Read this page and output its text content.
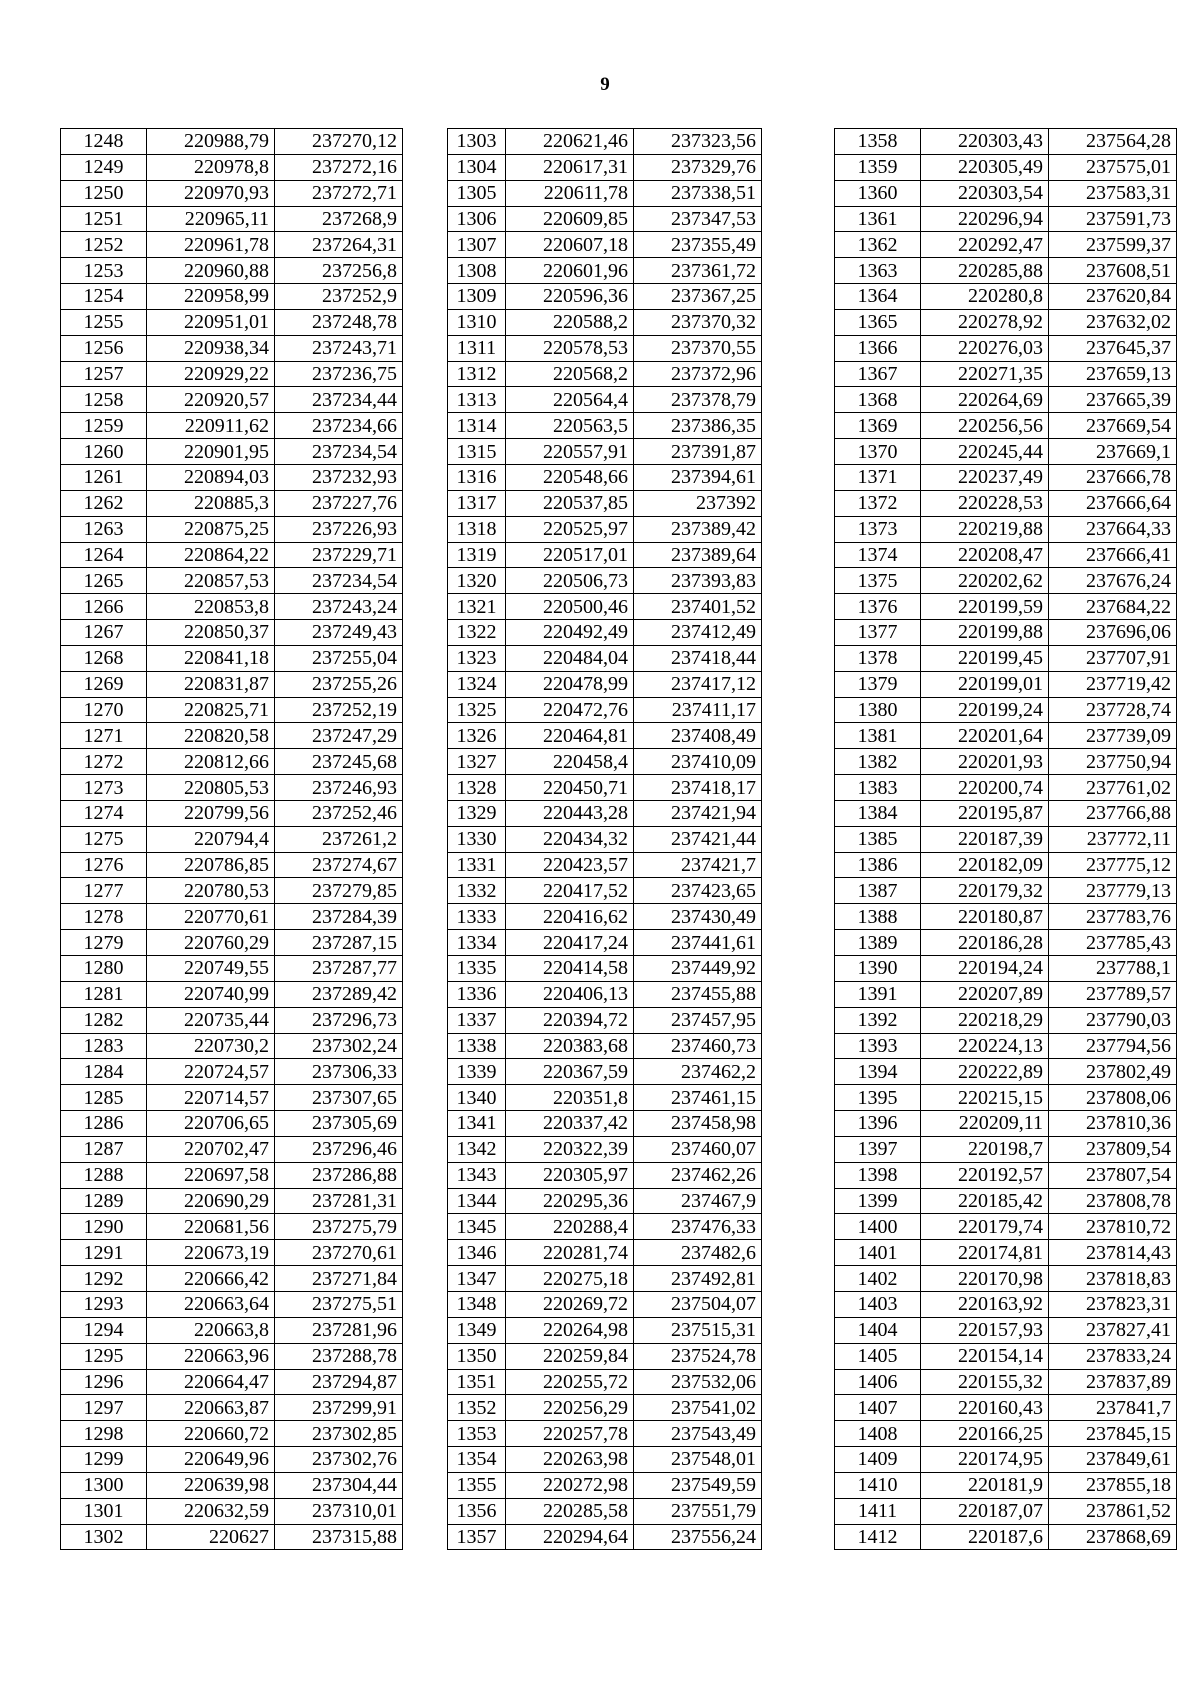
9
1248	220988,79	237270,12
1249	220978,8	237272,16
1250	220970,93	237272,71
1251	220965,11	237268,9
1252	220961,78	237264,31
1253	220960,88	237256,8
1254	220958,99	237252,9
1255	220951,01	237248,78
1256	220938,34	237243,71
1257	220929,22	237236,75
1258	220920,57	237234,44
1259	220911,62	237234,66
1260	220901,95	237234,54
1261	220894,03	237232,93
1262	220885,3	237227,76
1263	220875,25	237226,93
1264	220864,22	237229,71
1265	220857,53	237234,54
1266	220853,8	237243,24
1267	220850,37	237249,43
1268	220841,18	237255,04
1269	220831,87	237255,26
1270	220825,71	237252,19
1271	220820,58	237247,29
1272	220812,66	237245,68
1273	220805,53	237246,93
1274	220799,56	237252,46
1275	220794,4	237261,2
1276	220786,85	237274,67
1277	220780,53	237279,85
1278	220770,61	237284,39
1279	220760,29	237287,15
1280	220749,55	237287,77
1281	220740,99	237289,42
1282	220735,44	237296,73
1283	220730,2	237302,24
1284	220724,57	237306,33
1285	220714,57	237307,65
1286	220706,65	237305,69
1287	220702,47	237296,46
1288	220697,58	237286,88
1289	220690,29	237281,31
1290	220681,56	237275,79
1291	220673,19	237270,61
1292	220666,42	237271,84
1293	220663,64	237275,51
1294	220663,8	237281,96
1295	220663,96	237288,78
1296	220664,47	237294,87
1297	220663,87	237299,91
1298	220660,72	237302,85
1299	220649,96	237302,76
1300	220639,98	237304,44
1301	220632,59	237310,01
1302	220627	237315,88
1303	220621,46	237323,56
1304	220617,31	237329,76
1305	220611,78	237338,51
1306	220609,85	237347,53
1307	220607,18	237355,49
1308	220601,96	237361,72
1309	220596,36	237367,25
1310	220588,2	237370,32
1311	220578,53	237370,55
1312	220568,2	237372,96
1313	220564,4	237378,79
1314	220563,5	237386,35
1315	220557,91	237391,87
1316	220548,66	237394,61
1317	220537,85	237392
1318	220525,97	237389,42
1319	220517,01	237389,64
1320	220506,73	237393,83
1321	220500,46	237401,52
1322	220492,49	237412,49
1323	220484,04	237418,44
1324	220478,99	237417,12
1325	220472,76	237411,17
1326	220464,81	237408,49
1327	220458,4	237410,09
1328	220450,71	237418,17
1329	220443,28	237421,94
1330	220434,32	237421,44
1331	220423,57	237421,7
1332	220417,52	237423,65
1333	220416,62	237430,49
1334	220417,24	237441,61
1335	220414,58	237449,92
1336	220406,13	237455,88
1337	220394,72	237457,95
1338	220383,68	237460,73
1339	220367,59	237462,2
1340	220351,8	237461,15
1341	220337,42	237458,98
1342	220322,39	237460,07
1343	220305,97	237462,26
1344	220295,36	237467,9
1345	220288,4	237476,33
1346	220281,74	237482,6
1347	220275,18	237492,81
1348	220269,72	237504,07
1349	220264,98	237515,31
1350	220259,84	237524,78
1351	220255,72	237532,06
1352	220256,29	237541,02
1353	220257,78	237543,49
1354	220263,98	237548,01
1355	220272,98	237549,59
1356	220285,58	237551,79
1357	220294,64	237556,24
1358	220303,43	237564,28
1359	220305,49	237575,01
1360	220303,54	237583,31
1361	220296,94	237591,73
1362	220292,47	237599,37
1363	220285,88	237608,51
1364	220280,8	237620,84
1365	220278,92	237632,02
1366	220276,03	237645,37
1367	220271,35	237659,13
1368	220264,69	237665,39
1369	220256,56	237669,54
1370	220245,44	237669,1
1371	220237,49	237666,78
1372	220228,53	237666,64
1373	220219,88	237664,33
1374	220208,47	237666,41
1375	220202,62	237676,24
1376	220199,59	237684,22
1377	220199,88	237696,06
1378	220199,45	237707,91
1379	220199,01	237719,42
1380	220199,24	237728,74
1381	220201,64	237739,09
1382	220201,93	237750,94
1383	220200,74	237761,02
1384	220195,87	237766,88
1385	220187,39	237772,11
1386	220182,09	237775,12
1387	220179,32	237779,13
1388	220180,87	237783,76
1389	220186,28	237785,43
1390	220194,24	237788,1
1391	220207,89	237789,57
1392	220218,29	237790,03
1393	220224,13	237794,56
1394	220222,89	237802,49
1395	220215,15	237808,06
1396	220209,11	237810,36
1397	220198,7	237809,54
1398	220192,57	237807,54
1399	220185,42	237808,78
1400	220179,74	237810,72
1401	220174,81	237814,43
1402	220170,98	237818,83
1403	220163,92	237823,31
1404	220157,93	237827,41
1405	220154,14	237833,24
1406	220155,32	237837,89
1407	220160,43	237841,7
1408	220166,25	237845,15
1409	220174,95	237849,61
1410	220181,9	237855,18
1411	220187,07	237861,52
1412	220187,6	237868,69
